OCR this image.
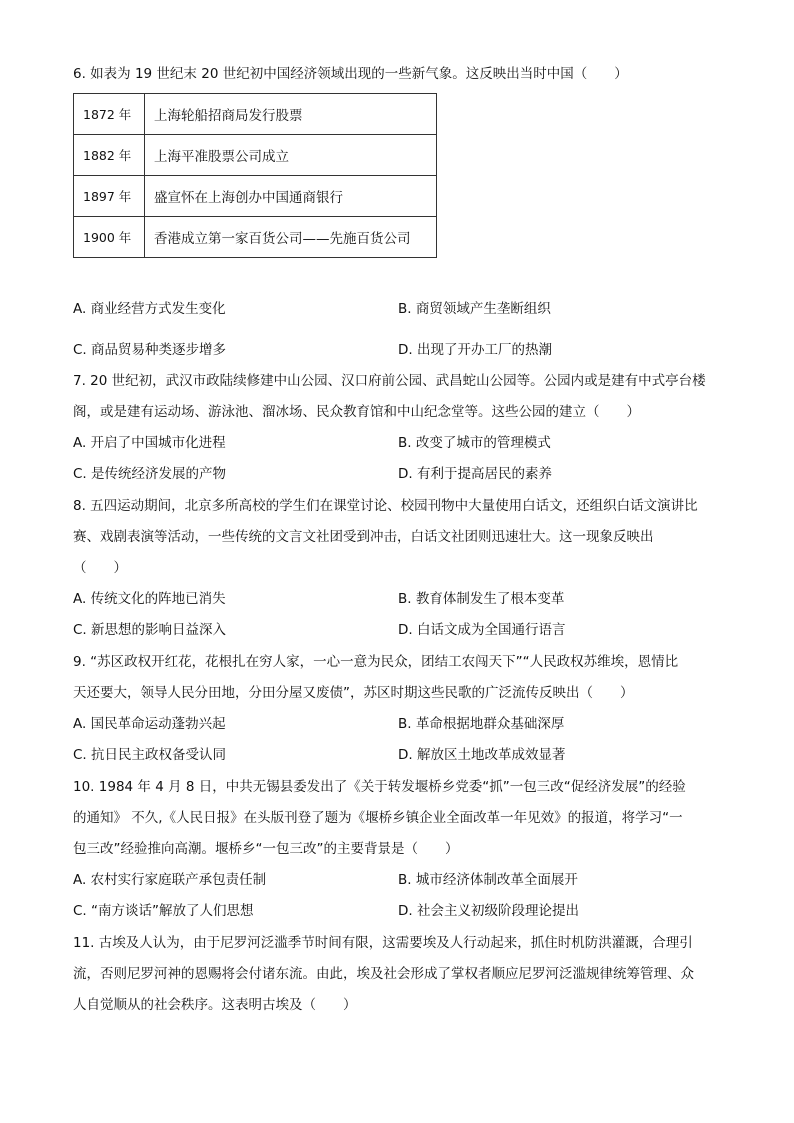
6. 如表为 19 世纪末 20 世纪初中国经济领域出现的一些新气象。这反映出当时中国（　　）
1872 年	上海轮船招商局发行股票
1882 年	上海平准股票公司成立
1897 年	盛宣怀在上海创办中国通商银行
1900 年	香港成立第一家百货公司——先施百货公司
A. 商业经营方式发生变化	B. 商贸领域产生垄断组织
C. 商品贸易种类逐步增多	D. 出现了开办工厂的热潮
7. 20 世纪初，武汉市政陆续修建中山公园、汉口府前公园、武昌蛇山公园等。公园内或是建有中式亭台楼
阁，或是建有运动场、游泳池、溜冰场、民众教育馆和中山纪念堂等。这些公园的建立（　　）
A. 开启了中国城市化进程	B. 改变了城市的管理模式
C. 是传统经济发展的产物	D. 有利于提高居民的素养
8. 五四运动期间，北京多所高校的学生们在课堂讨论、校园刊物中大量使用白话文，还组织白话文演讲比
赛、戏剧表演等活动，一些传统的文言文社团受到冲击，白话文社团则迅速壮大。这一现象反映出
（　　）
A. 传统文化的阵地已消失	B. 教育体制发生了根本变革
C. 新思想的影响日益深入	D. 白话文成为全国通行语言
9. “苏区政权开红花，花根扎在穷人家，一心一意为民众，团结工农闯天下”“人民政权苏维埃，恩情比
天还要大，领导人民分田地，分田分屋又废债”，苏区时期这些民歌的广泛流传反映出（　　）
A. 国民革命运动蓬勃兴起	B. 革命根据地群众基础深厚
C. 抗日民主政权备受认同	D. 解放区土地改革成效显著
10. 1984 年 4 月 8 日，中共无锡县委发出了《关于转发堰桥乡党委“抓”一包三改“促经济发展”的经验
的通知》 不久,《人民日报》在头版刊登了题为《堰桥乡镇企业全面改革一年见效》的报道，将学习“一
包三改”经验推向高潮。堰桥乡“一包三改”的主要背景是（　　）
A. 农村实行家庭联产承包责任制	B. 城市经济体制改革全面展开
C. “南方谈话”解放了人们思想	D. 社会主义初级阶段理论提出
11. 古埃及人认为，由于尼罗河泛滥季节时间有限，这需要埃及人行动起来，抓住时机防洪灌溉，合理引
流，否则尼罗河神的恩赐将会付诸东流。由此，埃及社会形成了掌权者顺应尼罗河泛滥规律统筹管理、众
人自觉顺从的社会秩序。这表明古埃及（　　）
